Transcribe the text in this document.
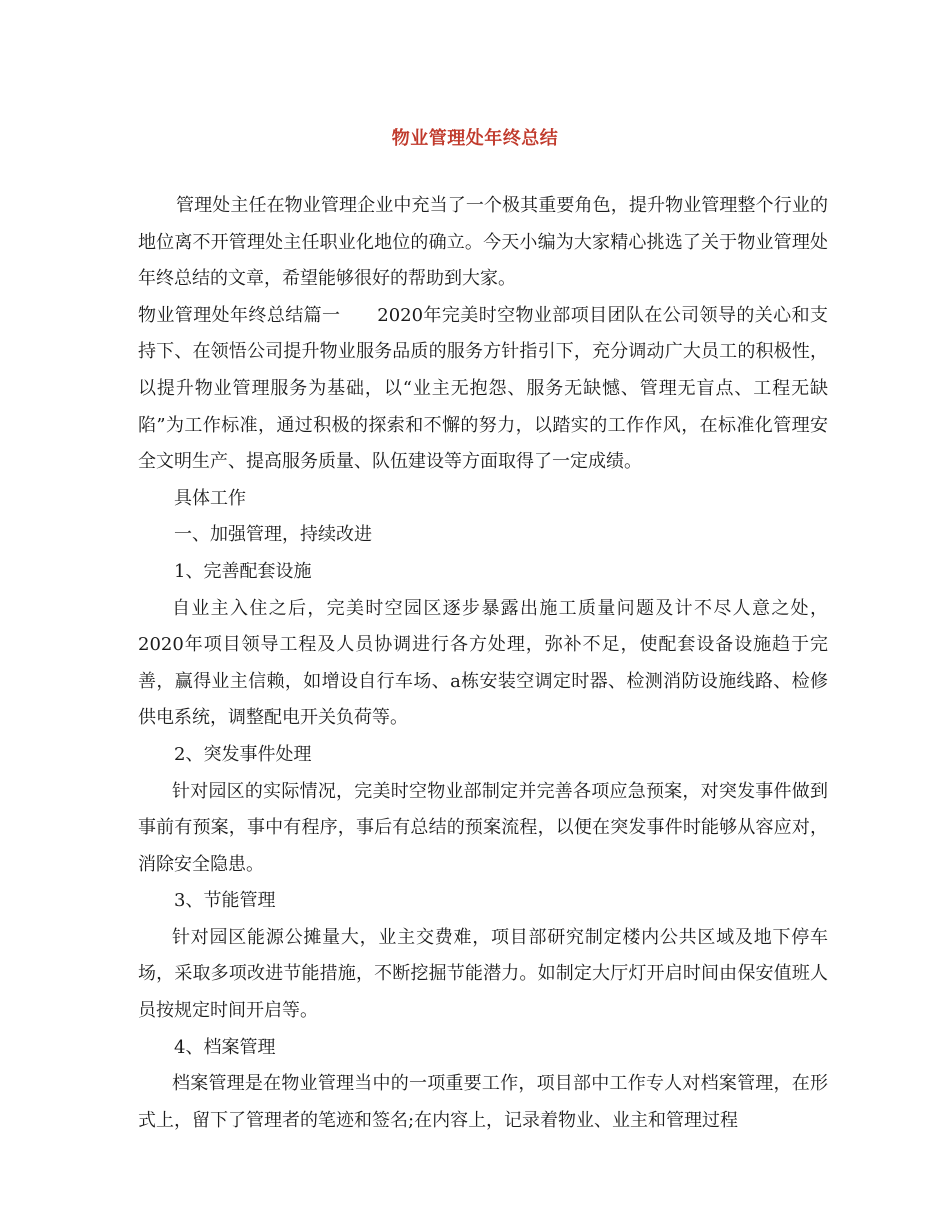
物业管理处年终总结

管理处主任在物业管理企业中充当了一个极其重要角色，提升物业管理整个行业的地位离不开管理处主任职业化地位的确立。今天小编为大家精心挑选了关于物业管理处年终总结的文章，希望能够很好的帮助到大家。

物业管理处年终总结篇一　　2020年完美时空物业部项目团队在公司领导的关心和支持下、在领悟公司提升物业服务品质的服务方针指引下，充分调动广大员工的积极性，以提升物业管理服务为基础，以“业主无抱怨、服务无缺憾、管理无盲点、工程无缺陷”为工作标准，通过积极的探索和不懈的努力，以踏实的工作作风，在标准化管理安全文明生产、提高服务质量、队伍建设等方面取得了一定成绩。

具体工作

一、加强管理，持续改进

1、完善配套设施

自业主入住之后，完美时空园区逐步暴露出施工质量问题及计不尽人意之处，2020年项目领导工程及人员协调进行各方处理，弥补不足，使配套设备设施趋于完善，赢得业主信赖，如增设自行车场、a栋安装空调定时器、检测消防设施线路、检修供电系统，调整配电开关负荷等。

2、突发事件处理

针对园区的实际情况，完美时空物业部制定并完善各项应急预案，对突发事件做到事前有预案，事中有程序，事后有总结的预案流程，以便在突发事件时能够从容应对，消除安全隐患。

3、节能管理

针对园区能源公摊量大，业主交费难，项目部研究制定楼内公共区域及地下停车场，采取多项改进节能措施，不断挖掘节能潜力。如制定大厅灯开启时间由保安值班人员按规定时间开启等。

4、档案管理

档案管理是在物业管理当中的一项重要工作，项目部中工作专人对档案管理，在形式上，留下了管理者的笔迹和签名;在内容上，记录着物业、业主和管理过程
